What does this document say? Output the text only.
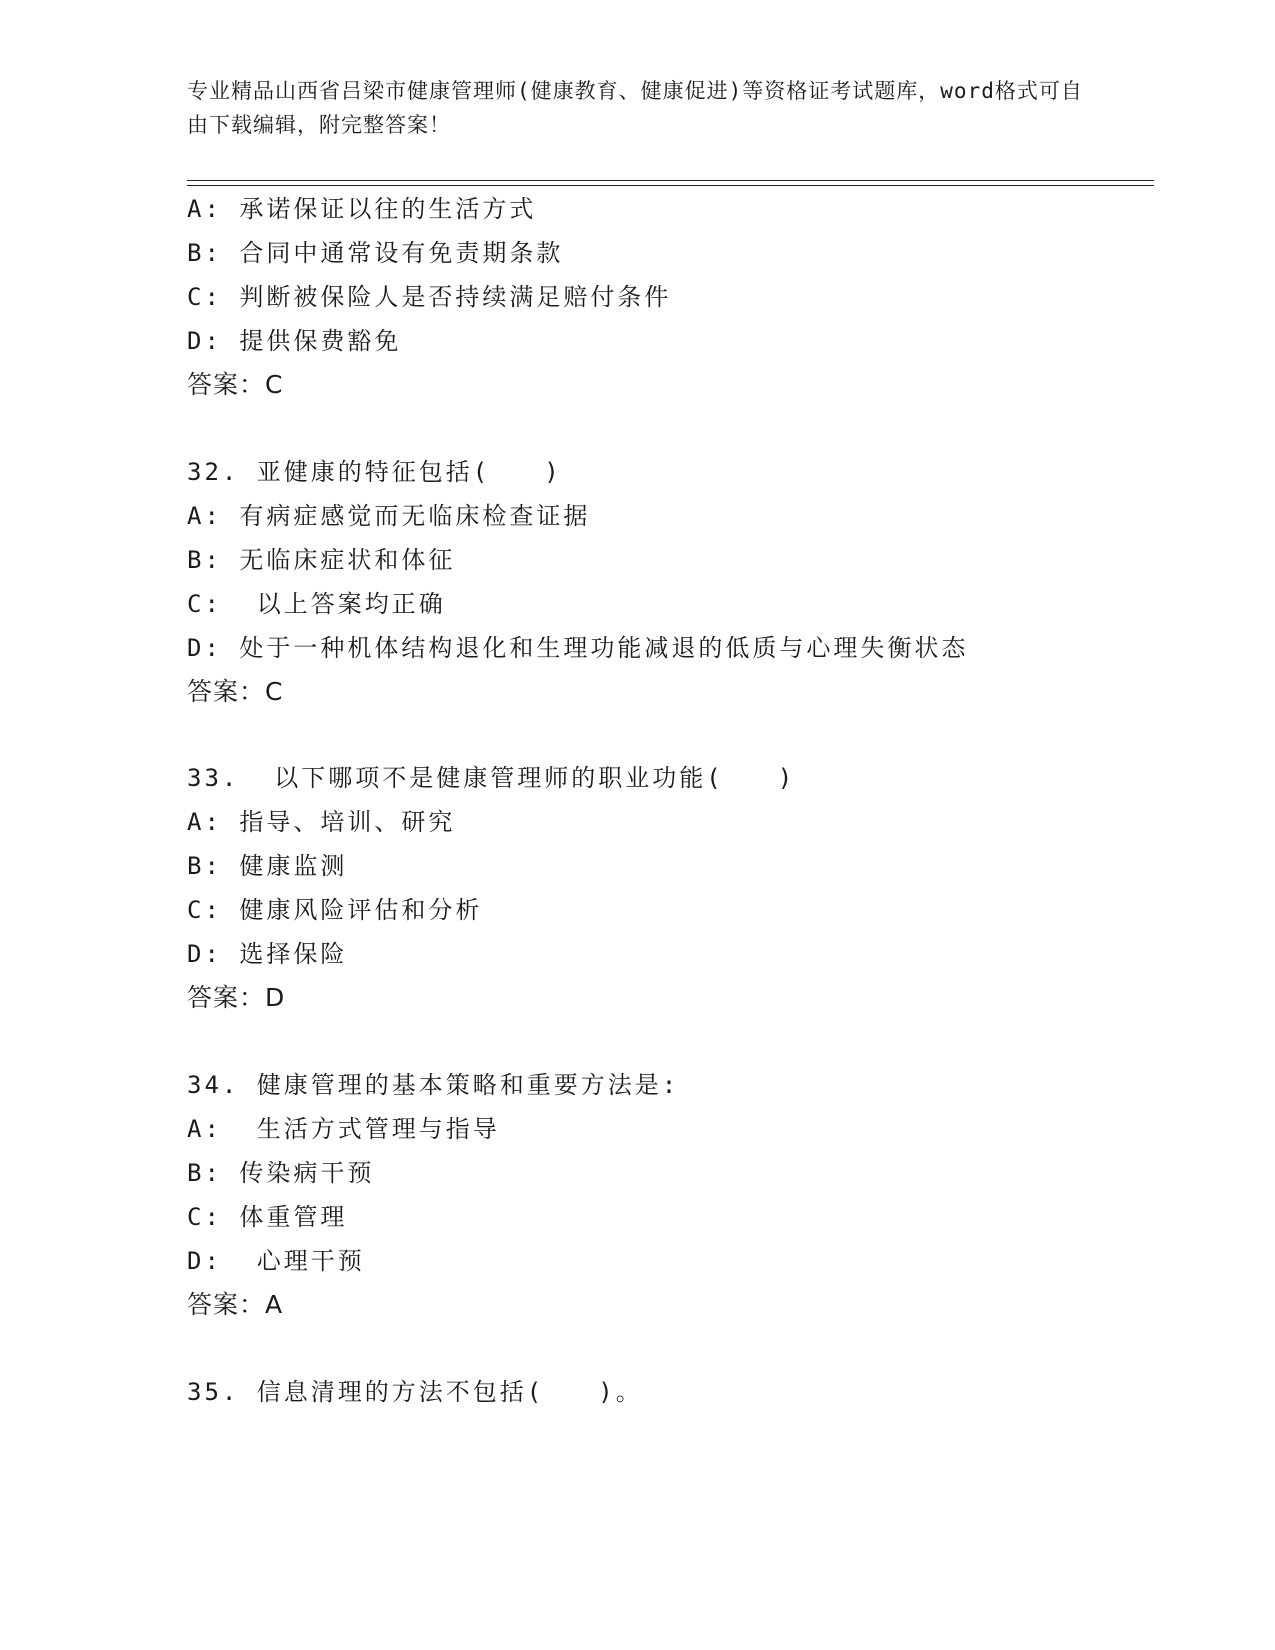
专业精品山西省吕梁市健康管理师(健康教育、健康促进)等资格证考试题库，word格式可自由下载编辑，附完整答案！
A: 承诺保证以往的生活方式
B: 合同中通常设有免责期条款
C: 判断被保险人是否持续满足赔付条件
D: 提供保费豁免
答案：C
32. 亚健康的特征包括(　　)
A: 有病症感觉而无临床检查证据
B: 无临床症状和体征
C:  以上答案均正确
D: 处于一种机体结构退化和生理功能减退的低质与心理失衡状态
答案：C
33.  以下哪项不是健康管理师的职业功能(　　)
A: 指导、培训、研究
B: 健康监测
C: 健康风险评估和分析
D: 选择保险
答案：D
34. 健康管理的基本策略和重要方法是:
A:  生活方式管理与指导
B: 传染病干预
C: 体重管理
D:  心理干预
答案：A
35. 信息清理的方法不包括(　　)。
